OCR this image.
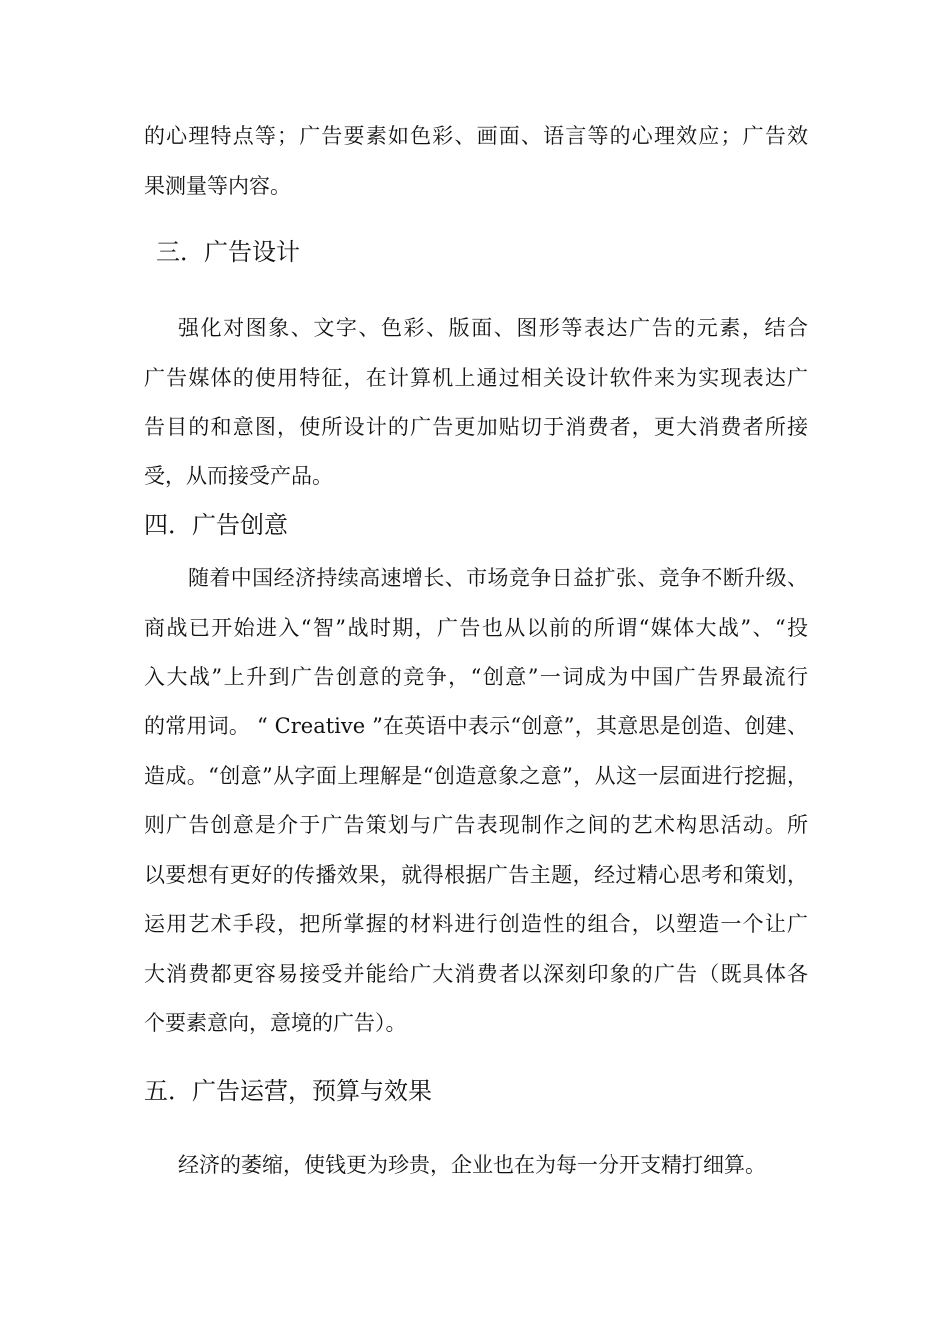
的心理特点等；广告要素如色彩、画面、语言等的心理效应；广告效
果测量等内容。
三．广告设计
强化对图象、文字、色彩、版面、图形等表达广告的元素，结合
广告媒体的使用特征，在计算机上通过相关设计软件来为实现表达广
告目的和意图，使所设计的广告更加贴切于消费者，更大消费者所接
受，从而接受产品。
四．广告创意
随着中国经济持续高速增长、市场竞争日益扩张、竞争不断升级、
商战已开始进入“智”战时期，广告也从以前的所谓“媒体大战”、“投
入大战”上升到广告创意的竞争，“创意”一词成为中国广告界最流行
的常用词。 “ Creative ”在英语中表示“创意”，其意思是创造、创建、
造成。“创意”从字面上理解是“创造意象之意”，从这一层面进行挖掘，
则广告创意是介于广告策划与广告表现制作之间的艺术构思活动。所
以要想有更好的传播效果，就得根据广告主题，经过精心思考和策划，
运用艺术手段，把所掌握的材料进行创造性的组合，以塑造一个让广
大消费都更容易接受并能给广大消费者以深刻印象的广告（既具体各
个要素意向，意境的广告）。
五．广告运营，预算与效果
经济的萎缩，使钱更为珍贵，企业也在为每一分开支精打细算。
